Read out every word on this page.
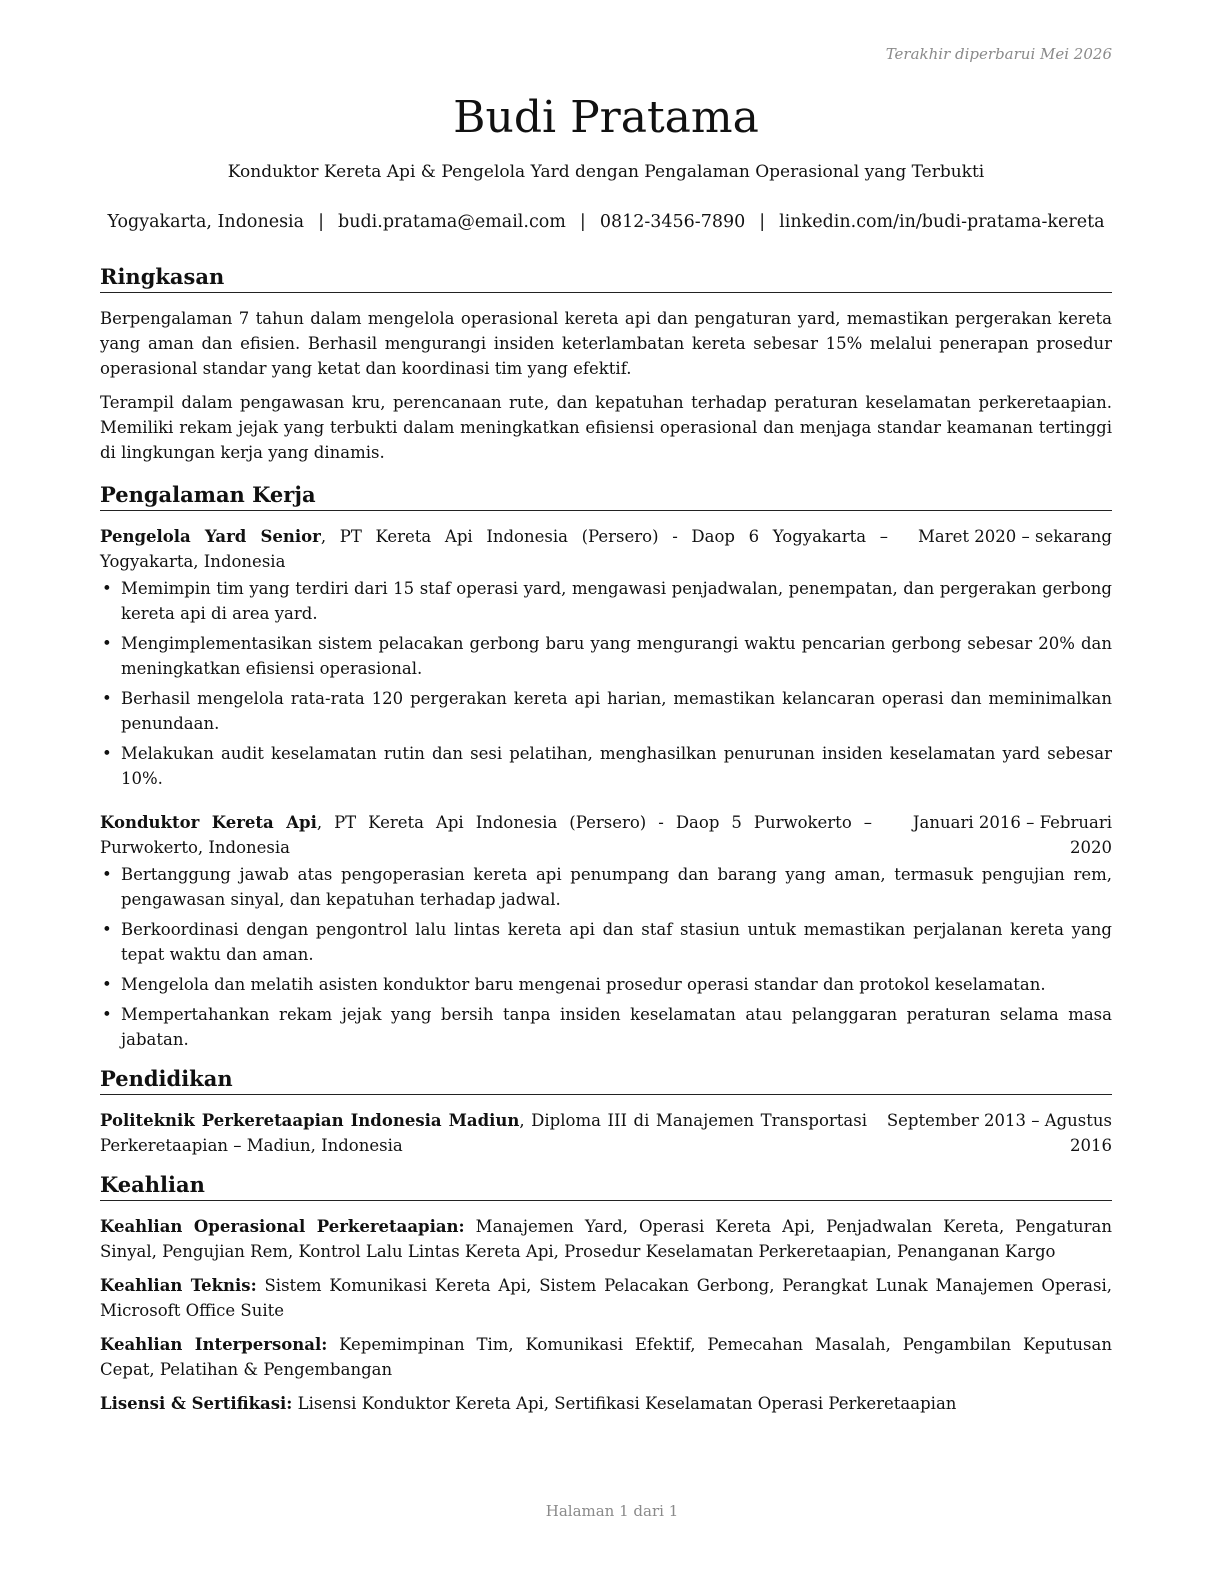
Terakhir diperbarui Mei 2026
Budi Pratama
Konduktor Kereta Api & Pengelola Yard dengan Pengalaman Operasional yang Terbukti
Yogyakarta, Indonesia | budi.pratama@email.com | 0812-3456-7890 | linkedin.com/in/budi-pratama-kereta
Ringkasan
Berpengalaman 7 tahun dalam mengelola operasional kereta api dan pengaturan yard, memastikan pergerakan kereta yang aman dan efisien. Berhasil mengurangi insiden keterlambatan kereta sebesar 15% melalui penerapan prosedur operasional standar yang ketat dan koordinasi tim yang efektif.
Terampil dalam pengawasan kru, perencanaan rute, dan kepatuhan terhadap peraturan keselamatan perkeretaapian. Memiliki rekam jejak yang terbukti dalam meningkatkan efisiensi operasional dan menjaga standar keamanan tertinggi di lingkungan kerja yang dinamis.
Pengalaman Kerja
Pengelola Yard Senior, PT Kereta Api Indonesia (Persero) - Daop 6 Yogyakarta – Yogyakarta, Indonesia
Maret 2020 – sekarang
• Memimpin tim yang terdiri dari 15 staf operasi yard, mengawasi penjadwalan, penempatan, dan pergerakan gerbong kereta api di area yard.
• Mengimplementasikan sistem pelacakan gerbong baru yang mengurangi waktu pencarian gerbong sebesar 20% dan meningkatkan efisiensi operasional.
• Berhasil mengelola rata-rata 120 pergerakan kereta api harian, memastikan kelancaran operasi dan meminimalkan penundaan.
• Melakukan audit keselamatan rutin dan sesi pelatihan, menghasilkan penurunan insiden keselamatan yard sebesar 10%.
Konduktor Kereta Api, PT Kereta Api Indonesia (Persero) - Daop 5 Purwokerto – Purwokerto, Indonesia
Januari 2016 – Februari 2020
• Bertanggung jawab atas pengoperasian kereta api penumpang dan barang yang aman, termasuk pengujian rem, pengawasan sinyal, dan kepatuhan terhadap jadwal.
• Berkoordinasi dengan pengontrol lalu lintas kereta api dan staf stasiun untuk memastikan perjalanan kereta yang tepat waktu dan aman.
• Mengelola dan melatih asisten konduktor baru mengenai prosedur operasi standar dan protokol keselamatan.
• Mempertahankan rekam jejak yang bersih tanpa insiden keselamatan atau pelanggaran peraturan selama masa jabatan.
Pendidikan
Politeknik Perkeretaapian Indonesia Madiun, Diploma III di Manajemen Transportasi Perkeretaapian – Madiun, Indonesia
September 2013 – Agustus 2016
Keahlian
Keahlian Operasional Perkeretaapian: Manajemen Yard, Operasi Kereta Api, Penjadwalan Kereta, Pengaturan Sinyal, Pengujian Rem, Kontrol Lalu Lintas Kereta Api, Prosedur Keselamatan Perkeretaapian, Penanganan Kargo
Keahlian Teknis: Sistem Komunikasi Kereta Api, Sistem Pelacakan Gerbong, Perangkat Lunak Manajemen Operasi, Microsoft Office Suite
Keahlian Interpersonal: Kepemimpinan Tim, Komunikasi Efektif, Pemecahan Masalah, Pengambilan Keputusan Cepat, Pelatihan & Pengembangan
Lisensi & Sertifikasi: Lisensi Konduktor Kereta Api, Sertifikasi Keselamatan Operasi Perkeretaapian
Halaman 1 dari 1
